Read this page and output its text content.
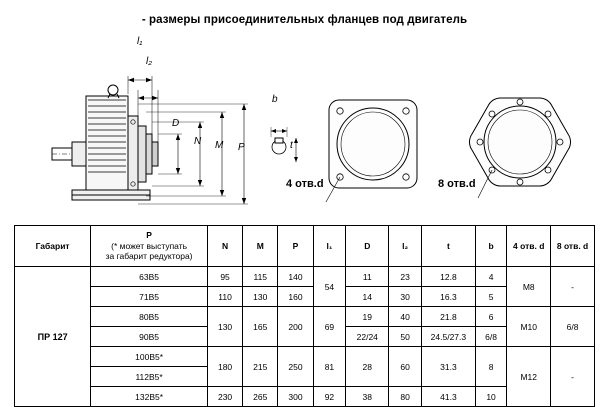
- размеры присоединительных фланцев под двигатель
l₁
l₂
D
N M P
b
t
4 отв.d	8 отв.d
Габарит	P
(* может выступать
за габарит редуктора)	N	M	P	l₁	D	l₂	t	b	4 отв. d	8 отв. d
ПР 127	63B5	95	115	140	54	11	23	12.8	4	M8	-
	71B5	110	130	160		14	30	16.3	5		
	80B5	130	165	200	69	19	40	21.8	6	M10	6/8
	90B5					22/24	50	24.5/27.3	6/8		
	100B5*	180	215	250	81	28	60	31.3	8	M12	-
	112B5*										
	132B5*	230	265	300	92	38	80	41.3	10		
